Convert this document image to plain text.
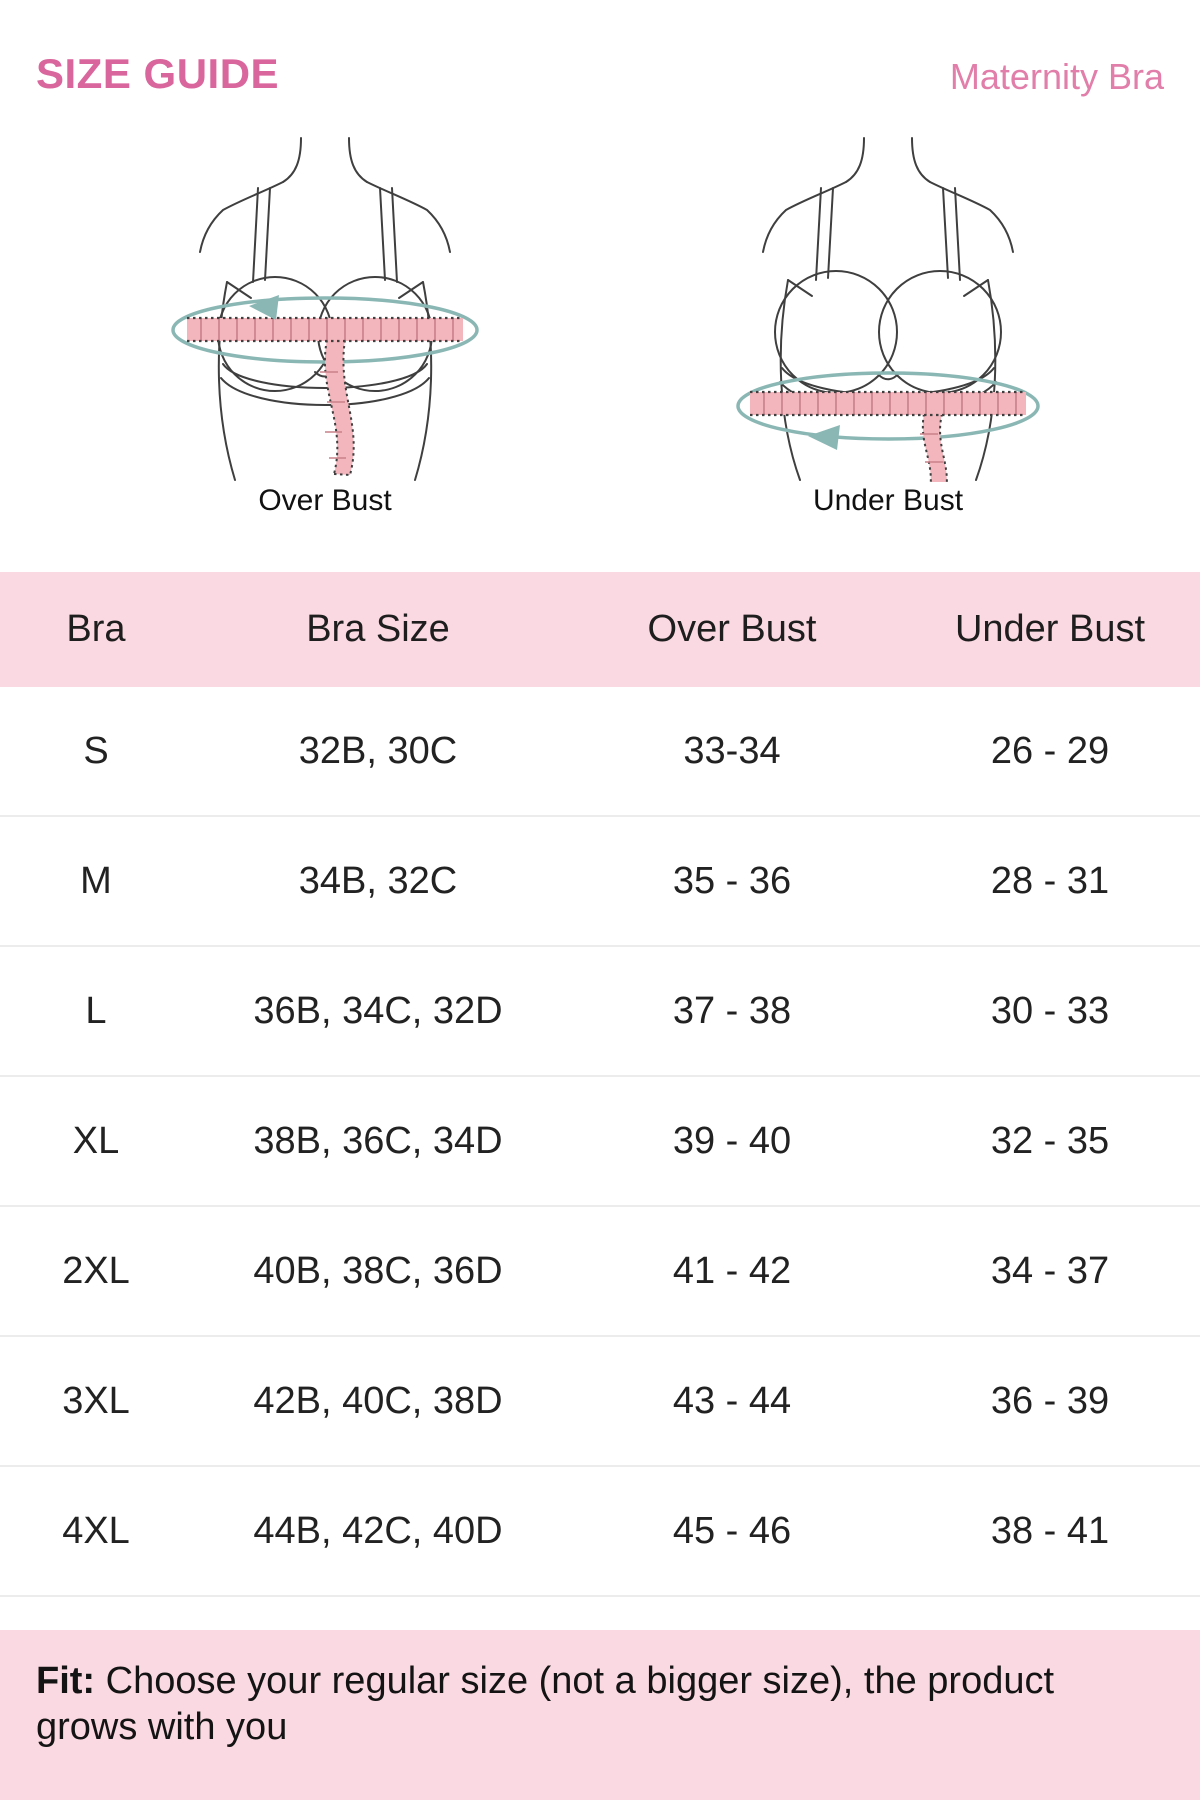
SIZE GUIDE	Maternity Bra
Over Bust	Under Bust
Bra	Bra Size	Over Bust	Under Bust
S	32B, 30C	33-34	26 - 29
M	34B, 32C	35 - 36	28 - 31
L	36B, 34C, 32D	37 - 38	30 - 33
XL	38B, 36C, 34D	39 - 40	32 - 35
2XL	40B, 38C, 36D	41 - 42	34 - 37
3XL	42B, 40C, 38D	43 - 44	36 - 39
4XL	44B, 42C, 40D	45 - 46	38 - 41
Fit: Choose your regular size (not a bigger size), the product grows with you
